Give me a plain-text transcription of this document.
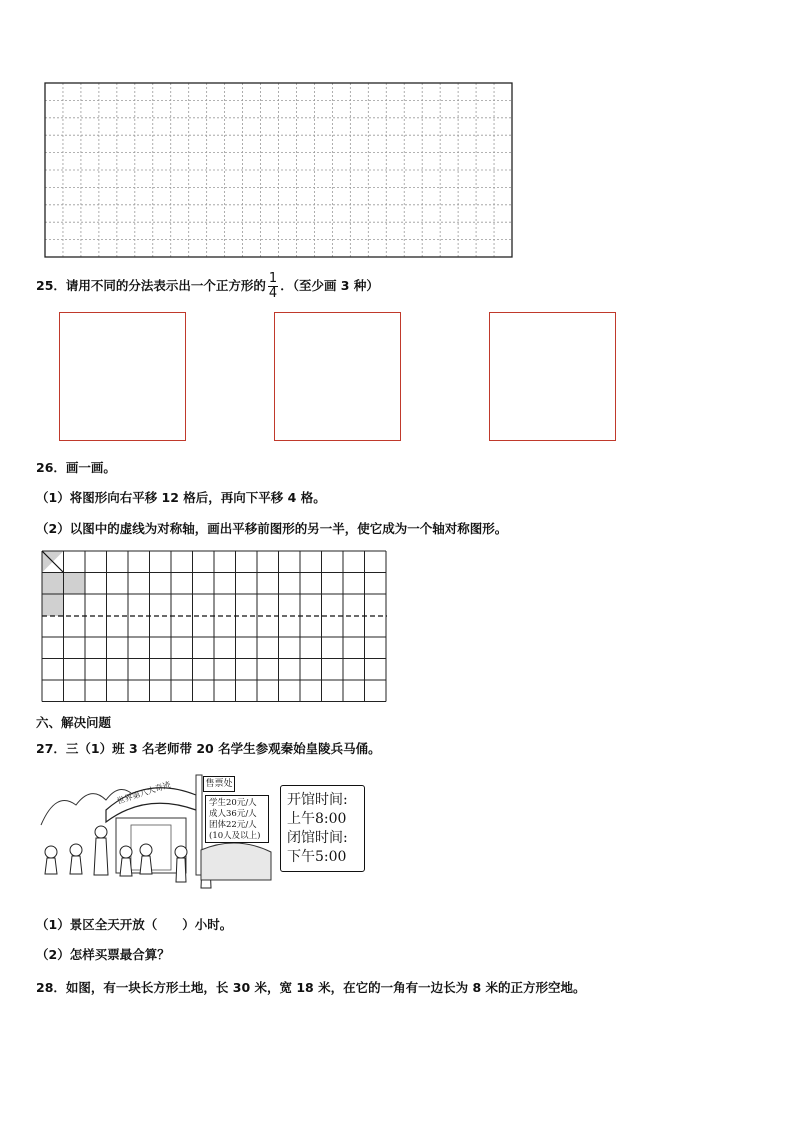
25．请用不同的分法表示出一个正方形的 $\frac{1}{4}$ ．（至少画 3 种）
26．画一画。
（1）将图形向右平移 12 格后，再向下平移 4 格。
（2）以图中的虚线为对称轴，画出平移前图形的另一半，使它成为一个轴对称图形。
六、解决问题
27．三（1）班 3 名老师带 20 名学生参观秦始皇陵兵马俑。
世界第八大奇迹	售票处
学生20元/人
成人36元/人
团体22元/人
(10人及以上)
开馆时间:
上午8:00
闭馆时间:
下午5:00
（1）景区全天开放（　　）小时。
（2）怎样买票最合算？
28．如图，有一块长方形土地，长 30 米，宽 18 米，在它的一角有一边长为 8 米的正方形空地。
